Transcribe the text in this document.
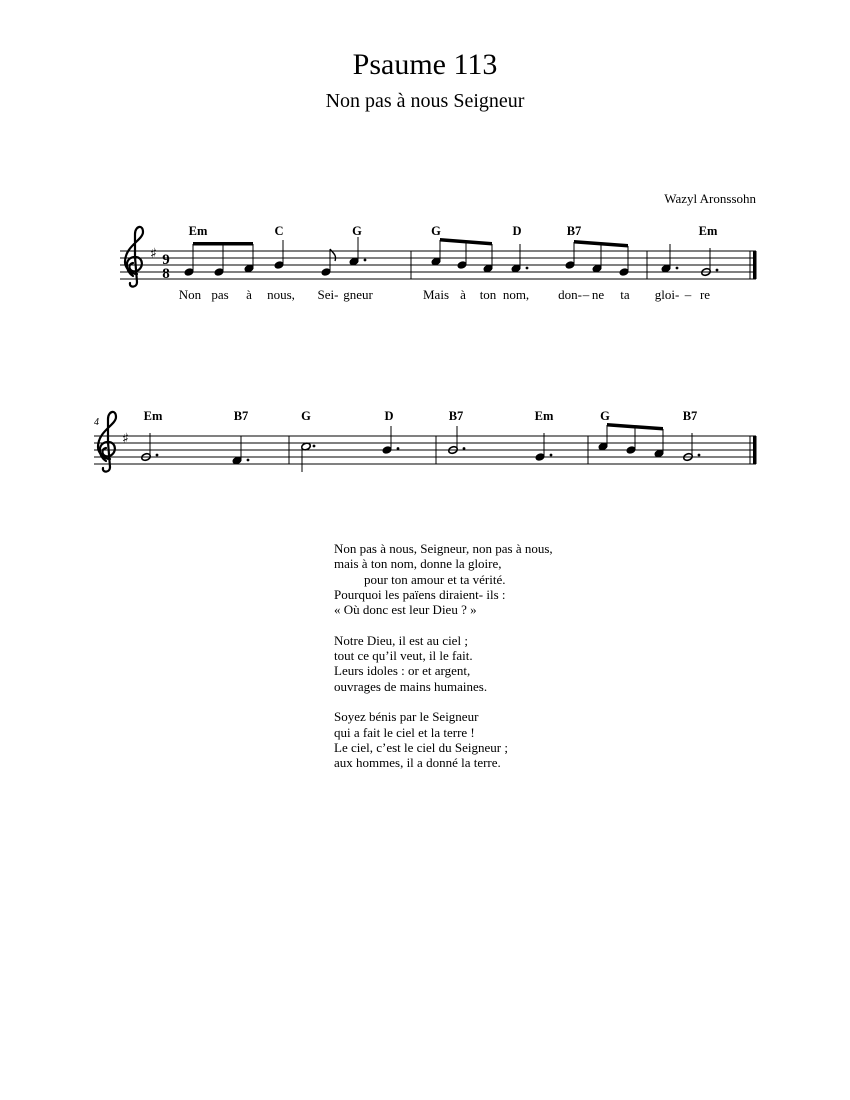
Psaume 113
Non pas à nous Seigneur
Wazyl Aronssohn
♯ 9
8
Em	C	G	G	D	B7	Em
Non pas à nous, Sei- gneur	Mais à ton nom, don- – ne ta gloi- – re
4
♯
Em	B7	G	D	B7	Em	G	B7
Non pas à nous, Seigneur, non pas à nous,
mais à ton nom, donne la gloire,
pour ton amour et ta vérité.
Pourquoi les païens diraient- ils :
« Où donc est leur Dieu ? »
Notre Dieu, il est au ciel ;
tout ce qu’il veut, il le fait.
Leurs idoles : or et argent,
ouvrages de mains humaines.
Soyez bénis par le Seigneur
qui a fait le ciel et la terre !
Le ciel, c’est le ciel du Seigneur ;
aux hommes, il a donné la terre.
